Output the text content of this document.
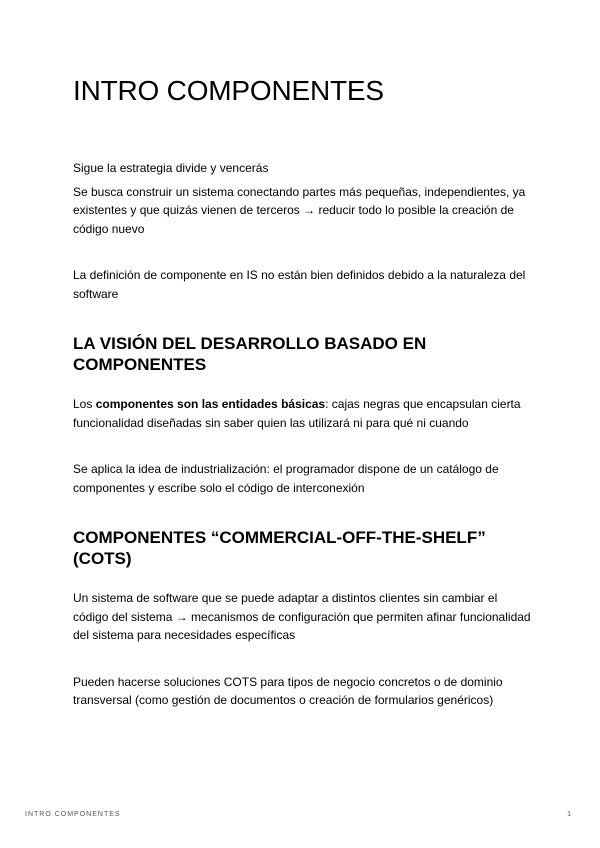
INTRO COMPONENTES

Sigue la estrategia divide y vencerás

Se busca construir un sistema conectando partes más pequeñas, independientes, ya existentes y que quizás vienen de terceros → reducir todo lo posible la creación de código nuevo

La definición de componente en IS no están bien definidos debido a la naturaleza del software

LA VISIÓN DEL DESARROLLO BASADO EN COMPONENTES

Los componentes son las entidades básicas: cajas negras que encapsulan cierta funcionalidad diseñadas sin saber quien las utilizará ni para qué ni cuando

Se aplica la idea de industrialización: el programador dispone de un catálogo de componentes y escribe solo el código de interconexión

COMPONENTES “COMMERCIAL-OFF-THE-SHELF” (COTS)

Un sistema de software que se puede adaptar a distintos clientes sin cambiar el código del sistema → mecanismos de configuración que permiten afinar funcionalidad del sistema para necesidades específicas

Pueden hacerse soluciones COTS para tipos de negocio concretos o de dominio transversal (como gestión de documentos o creación de formularios genéricos)

INTRO COMPONENTES	1
